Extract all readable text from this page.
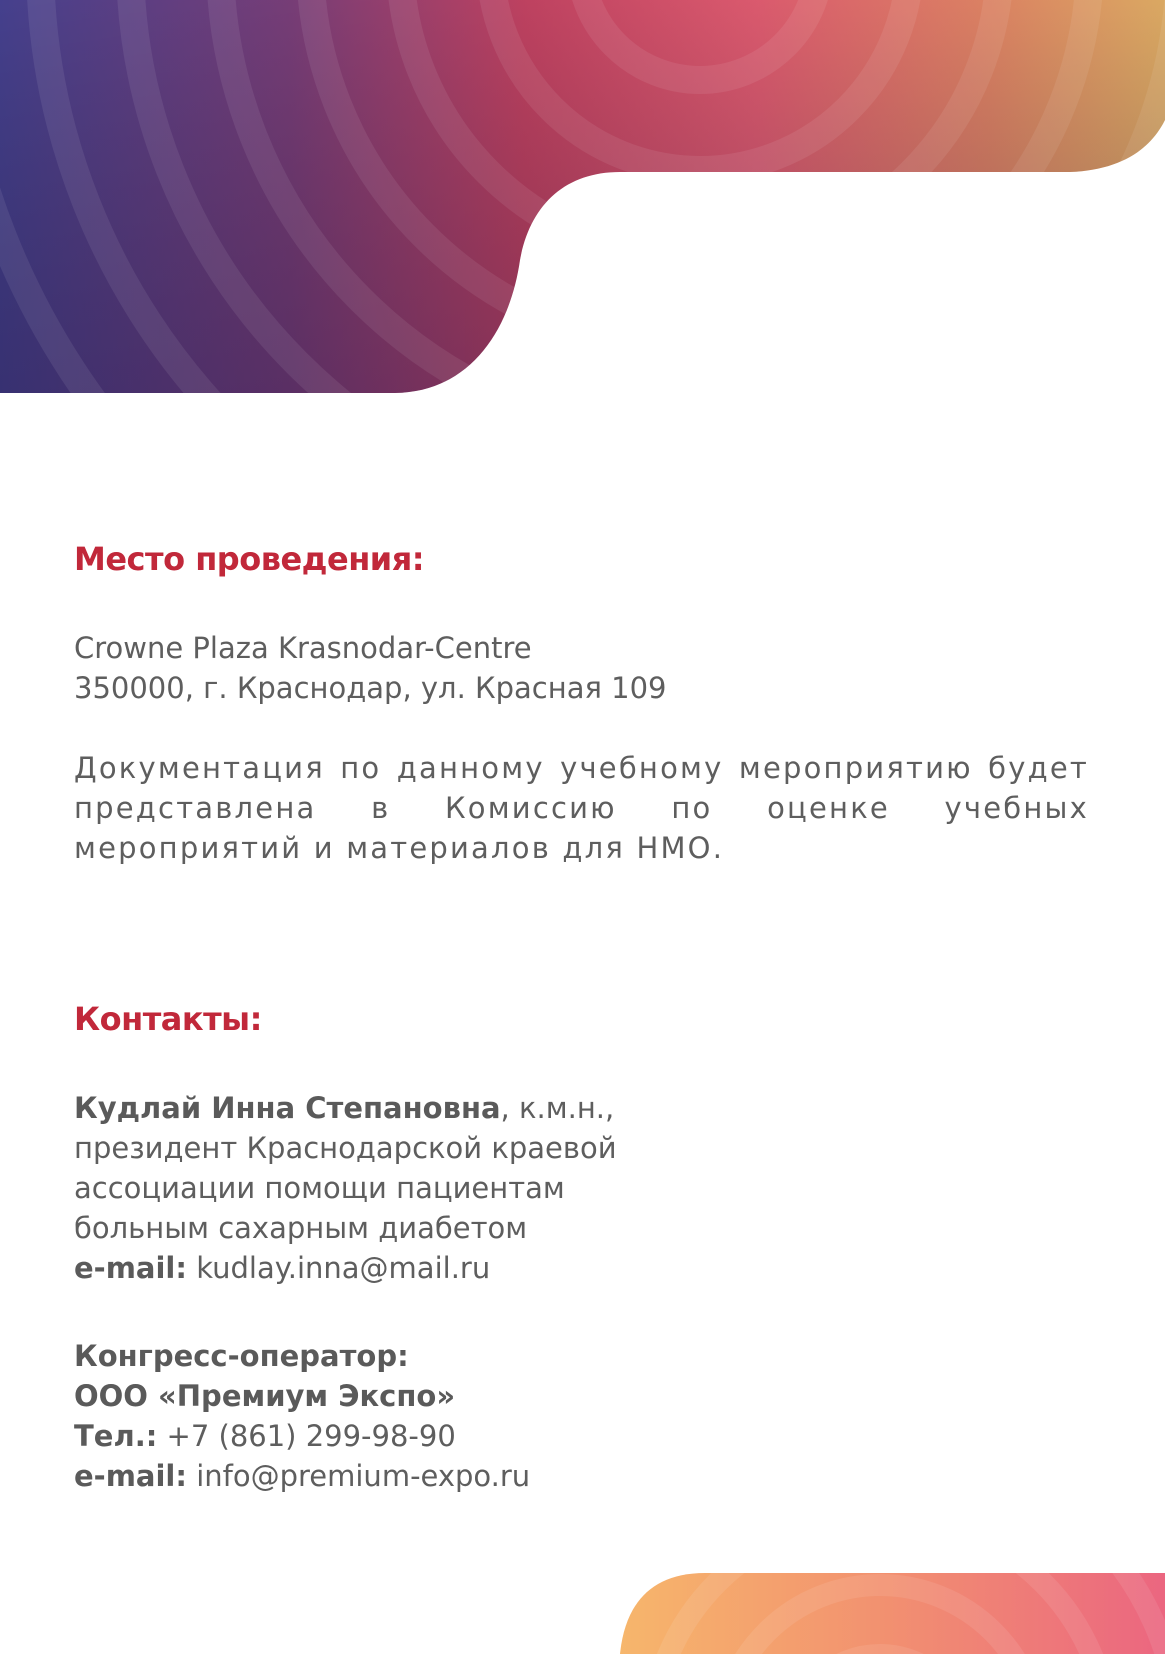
Место проведения:
Crowne Plaza Krasnodar-Centre
350000, г. Краснодар, ул. Красная 109

Документация по данному учебному мероприятию будет представлена в Комиссию по оценке учебных мероприятий и материалов для НМО.

Контакты:
Кудлай Инна Степановна, к.м.н.,
президент Краснодарской краевой
ассоциации помощи пациентам
больным сахарным диабетом
e-mail: kudlay.inna@mail.ru
Конгресс-оператор:
ООО «Премиум Экспо»
Тел.: +7 (861) 299-98-90
e-mail: info@premium-expo.ru
